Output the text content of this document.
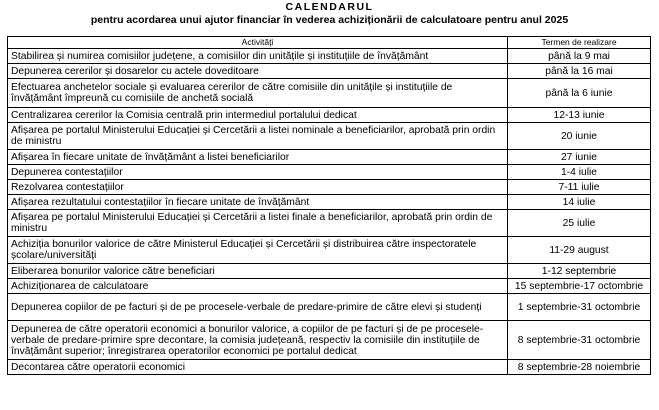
CALENDARUL
pentru acordarea unui ajutor financiar în vederea achiziționării de calculatoare pentru anul 2025
Activități	Termen de realizare
Stabilirea și numirea comisiilor județene, a comisiilor din unitățile și instituțiile de învățământ	până la 9 mai
Depunerea cererilor și dosarelor cu actele doveditoare	până la 16 mai
Efectuarea anchetelor sociale și evaluarea cererilor de către comisiile din unitățile și instituțiile de învățământ împreună cu comisiile de anchetă socială	până la 6 iunie
Centralizarea cererilor la Comisia centrală prin intermediul portalului dedicat	12-13 iunie
Afișarea pe portalul Ministerului Educației și Cercetării a listei nominale a beneficiarilor, aprobată prin ordin de ministru	20 iunie
Afișarea în fiecare unitate de învățământ a listei beneficiarilor	27 iunie
Depunerea contestațiilor	1-4 iulie
Rezolvarea contestațiilor	7-11 iulie
Afișarea rezultatului contestațiilor în fiecare unitate de învățământ	14 iulie
Afișarea pe portalul Ministerului Educației și Cercetării a listei finale a beneficiarilor, aprobată prin ordin de ministru	25 iulie
Achiziția bonurilor valorice de către Ministerul Educației și Cercetării și distribuirea către inspectoratele școlare/universități	11-29 august
Eliberarea bonurilor valorice către beneficiari	1-12 septembrie
Achiziționarea de calculatoare	15 septembrie-17 octombrie
Depunerea copiilor de pe facturi și de pe procesele-verbale de predare-primire de către elevi și studenți	1 septembrie-31 octombrie
Depunerea de către operatorii economici a bonurilor valorice, a copiilor de pe facturi și de pe procesele-verbale de predare-primire spre decontare, la comisia județeană, respectiv la comisiile din instituțiile de învățământ superior; înregistrarea operatorilor economici pe portalul dedicat	8 septembrie-31 octombrie
Decontarea către operatorii economici	8 septembrie-28 noiembrie
